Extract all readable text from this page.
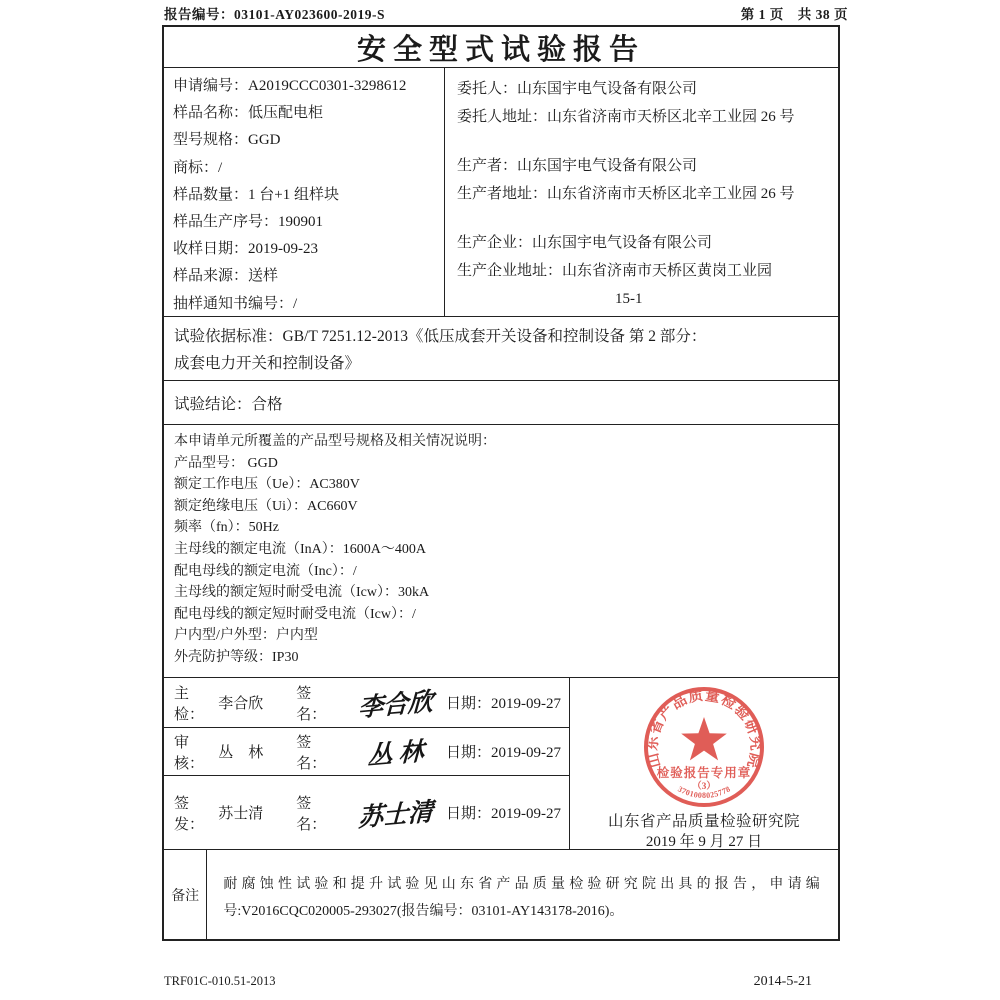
报告编号：03101-AY023600-2019-S	第 1 页　共 38 页
安全型式试验报告
申请编号：A2019CCC0301-3298612
样品名称：低压配电柜
型号规格：GGD
商标：/
样品数量：1 台+1 组样块
样品生产序号：190901
收样日期：2019-09-23
样品来源：送样
抽样通知书编号：/
委托人：山东国宇电气设备有限公司
委托人地址：山东省济南市天桥区北辛工业园 26 号
生产者：山东国宇电气设备有限公司
生产者地址：山东省济南市天桥区北辛工业园 26 号
生产企业：山东国宇电气设备有限公司
生产企业地址：山东省济南市天桥区黄岗工业园
15-1
试验依据标准：GB/T 7251.12-2013《低压成套开关设备和控制设备 第 2 部分：
成套电力开关和控制设备》
试验结论：合格
本申请单元所覆盖的产品型号规格及相关情况说明：
产品型号： GGD
额定工作电压（Ue）：AC380V
额定绝缘电压（Ui）：AC660V
频率（fn）：50Hz
主母线的额定电流（InA）：1600A～400A
配电母线的额定电流（Inc）：/
主母线的额定短时耐受电流（Icw）：30kA
配电母线的额定短时耐受电流（Icw）：/
户内型/户外型：户内型
外壳防护等级：IP30
主检：
李合欣
签名：	李合欣 日期：2019-09-27
审核：
丛　林
签名：	丛 林	日期：2019-09-27
签发：
苏士清
签名：	苏士清 日期：2019-09-27
山东省产品质量检验研究院
检验报告专用章
（3）
3701008025778
山东省产品质量检验研究院
2019 年 9 月 27 日
备注
耐腐蚀性试验和提升试验见山东省产品质量检验研究院出具的报告，申请编
号:V2016CQC020005-293027(报告编号：03101-AY143178-2016)。
TRF01C-010.51-2013	2014-5-21
